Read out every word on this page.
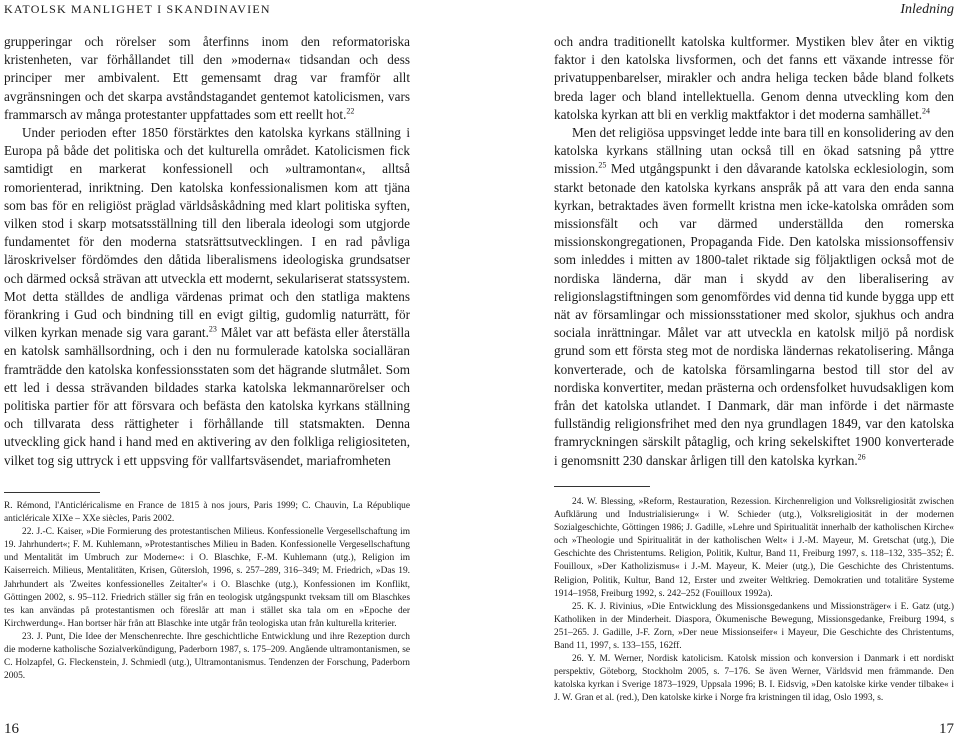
KATOLSK MANLIGHET I SKANDINAVIEN

grupperingar och rörelser som återfinns inom den reformatoriska kristenheten, var förhållandet till den »moderna« tidsandan och dess principer mer ambivalent. Ett gemensamt drag var framför allt avgränsningen och det skarpa avståndstagandet gentemot katolicismen, vars frammarsch av många protestanter uppfattades som ett reellt hot.$^{22}$

Under perioden efter 1850 förstärktes den katolska kyrkans ställning i Europa på både det politiska och det kulturella området. Katolicismen fick samtidigt en markerat konfessionell och »ultramontan«, alltså romorienterad, inriktning. Den katolska konfessionalismen kom att tjäna som bas för en religiöst präglad världsåskådning med klart politiska syften, vilken stod i skarp motsatsställning till den liberala ideologi som utgjorde fundamentet för den moderna statsrättsutvecklingen. I en rad påvliga läroskrivelser fördömdes den dåtida liberalismens ideologiska grundsatser och därmed också strävan att utveckla ett modernt, sekulariserat statssystem. Mot detta ställdes de andliga värdenas primat och den statliga maktens förankring i Gud och bindning till en evigt giltig, gudomlig naturrätt, för vilken kyrkan menade sig vara garant.$^{23}$ Målet var att befästa eller återställa en katolsk samhällsordning, och i den nu formulerade katolska socialläran framträdde den katolska konfessionsstaten som det hägrande slutmålet. Som ett led i dessa strävanden bildades starka katolska lekmannarörelser och politiska partier för att försvara och befästa den katolska kyrkans ställning och tillvarata dess rättigheter i förhållande till statsmakten. Denna utveckling gick hand i hand med en aktivering av den folkliga religiositeten, vilket tog sig uttryck i ett uppsving för vallfartsväsendet, mariafromheten

R. Rémond, l'Anticléricalisme en France de 1815 à nos jours, Paris 1999; C. Chauvin, La République anticléricale XIXe – XXe siècles, Paris 2002.

22. J.-C. Kaiser, »Die Formierung des protestantischen Milieus. Konfessionelle Vergesellschaftung im 19. Jahrhundert«; F. M. Kuhlemann, »Protestantisches Milieu in Baden. Konfessionelle Vergesellschaftung und Mentalität im Umbruch zur Moderne«: i O. Blaschke, F.-M. Kuhlemann (utg.), Religion im Kaiserreich. Milieus, Mentalitäten, Krisen, Gütersloh, 1996, s. 257–289, 316–349; M. Friedrich, »Das 19. Jahrhundert als 'Zweites konfessionelles Zeitalter'« i O. Blaschke (utg.), Konfessionen im Konflikt, Göttingen 2002, s. 95–112. Friedrich ställer sig från en teologisk utgångspunkt tveksam till om Blaschkes tes kan användas på protestantismen och föreslår att man i stället ska tala om en »Epoche der Kirchwerdung«. Han bortser här från att Blaschke inte utgår från teologiska utan från kulturella kriterier.

23. J. Punt, Die Idee der Menschenrechte. Ihre geschichtliche Entwicklung und ihre Rezeption durch die moderne katholische Sozialverkündigung, Paderborn 1987, s. 175–209. Angående ultramontanismen, se C. Holzapfel, G. Fleckenstein, J. Schmiedl (utg.), Ultramontanismus. Tendenzen der Forschung, Paderborn 2005.

16
Inledning

och andra traditionellt katolska kultformer. Mystiken blev åter en viktig faktor i den katolska livsformen, och det fanns ett växande intresse för privatuppenbarelser, mirakler och andra heliga tecken både bland folkets breda lager och bland intellektuella. Genom denna utveckling kom den katolska kyrkan att bli en verklig maktfaktor i det moderna samhället.$^{24}$

Men det religiösa uppsvinget ledde inte bara till en konsolidering av den katolska kyrkans ställning utan också till en ökad satsning på yttre mission.$^{25}$ Med utgångspunkt i den dåvarande katolska ecklesiologin, som starkt betonade den katolska kyrkans anspråk på att vara den enda sanna kyrkan, betraktades även formellt kristna men icke-katolska områden som missionsfält och var därmed underställda den romerska missionskongregationen, Propaganda Fide. Den katolska missionsoffensiv som inleddes i mitten av 1800-talet riktade sig följaktligen också mot de nordiska länderna, där man i skydd av den liberalisering av religionslagstiftningen som genomfördes vid denna tid kunde bygga upp ett nät av församlingar och missionsstationer med skolor, sjukhus och andra sociala inrättningar. Målet var att utveckla en katolsk miljö på nordisk grund som ett första steg mot de nordiska ländernas rekatolisering. Många konverterade, och de katolska församlingarna bestod till stor del av nordiska konvertiter, medan prästerna och ordensfolket huvudsakligen kom från det katolska utlandet. I Danmark, där man införde i det närmaste fullständig religionsfrihet med den nya grundlagen 1849, var den katolska framryckningen särskilt påtaglig, och kring sekelskiftet 1900 konverterade i genomsnitt 230 danskar årligen till den katolska kyrkan.$^{26}$

24. W. Blessing, »Reform, Restauration, Rezession. Kirchenreligion und Volksreligiosität zwischen Aufklärung und Industrialisierung« i W. Schieder (utg.), Volksreligiosität in der modernen Sozialgeschichte, Göttingen 1986; J. Gadille, »Lehre und Spiritualität innerhalb der katholischen Kirche« och »Theologie und Spiritualität in der katholischen Welt« i J.-M. Mayeur, M. Gretschat (utg.), Die Geschichte des Christentums. Religion, Politik, Kultur, Band 11, Freiburg 1997, s. 118–132, 335–352; É. Fouilloux, »Der Katholizismus« i J.-M. Mayeur, K. Meier (utg.), Die Geschichte des Christentums. Religion, Politik, Kultur, Band 12, Erster und zweiter Weltkrieg. Demokratien und totalitäre Systeme 1914–1958, Freiburg 1992, s. 242–252 (Fouilloux 1992a).

25. K. J. Rivinius, »Die Entwicklung des Missionsgedankens und Missionsträger« i E. Gatz (utg.) Katholiken in der Minderheit. Diaspora, Ökumenische Bewegung, Missionsgedanke, Freiburg 1994, s 251–265. J. Gadille, J-F. Zorn, »Der neue Missionseifer« i Mayeur, Die Geschichte des Christentums, Band 11, 1997, s. 133–155, 162ff.

26. Y. M. Werner, Nordisk katolicism. Katolsk mission och konversion i Danmark i ett nordiskt perspektiv, Göteborg, Stockholm 2005, s. 7–176. Se även Werner, Världsvid men främmande. Den katolska kyrkan i Sverige 1873–1929, Uppsala 1996; B. I. Eidsvig, »Den katolske kirke vender tilbake« i J. W. Gran et al. (red.), Den katolske kirke i Norge fra kristningen til idag, Oslo 1993, s.

17
